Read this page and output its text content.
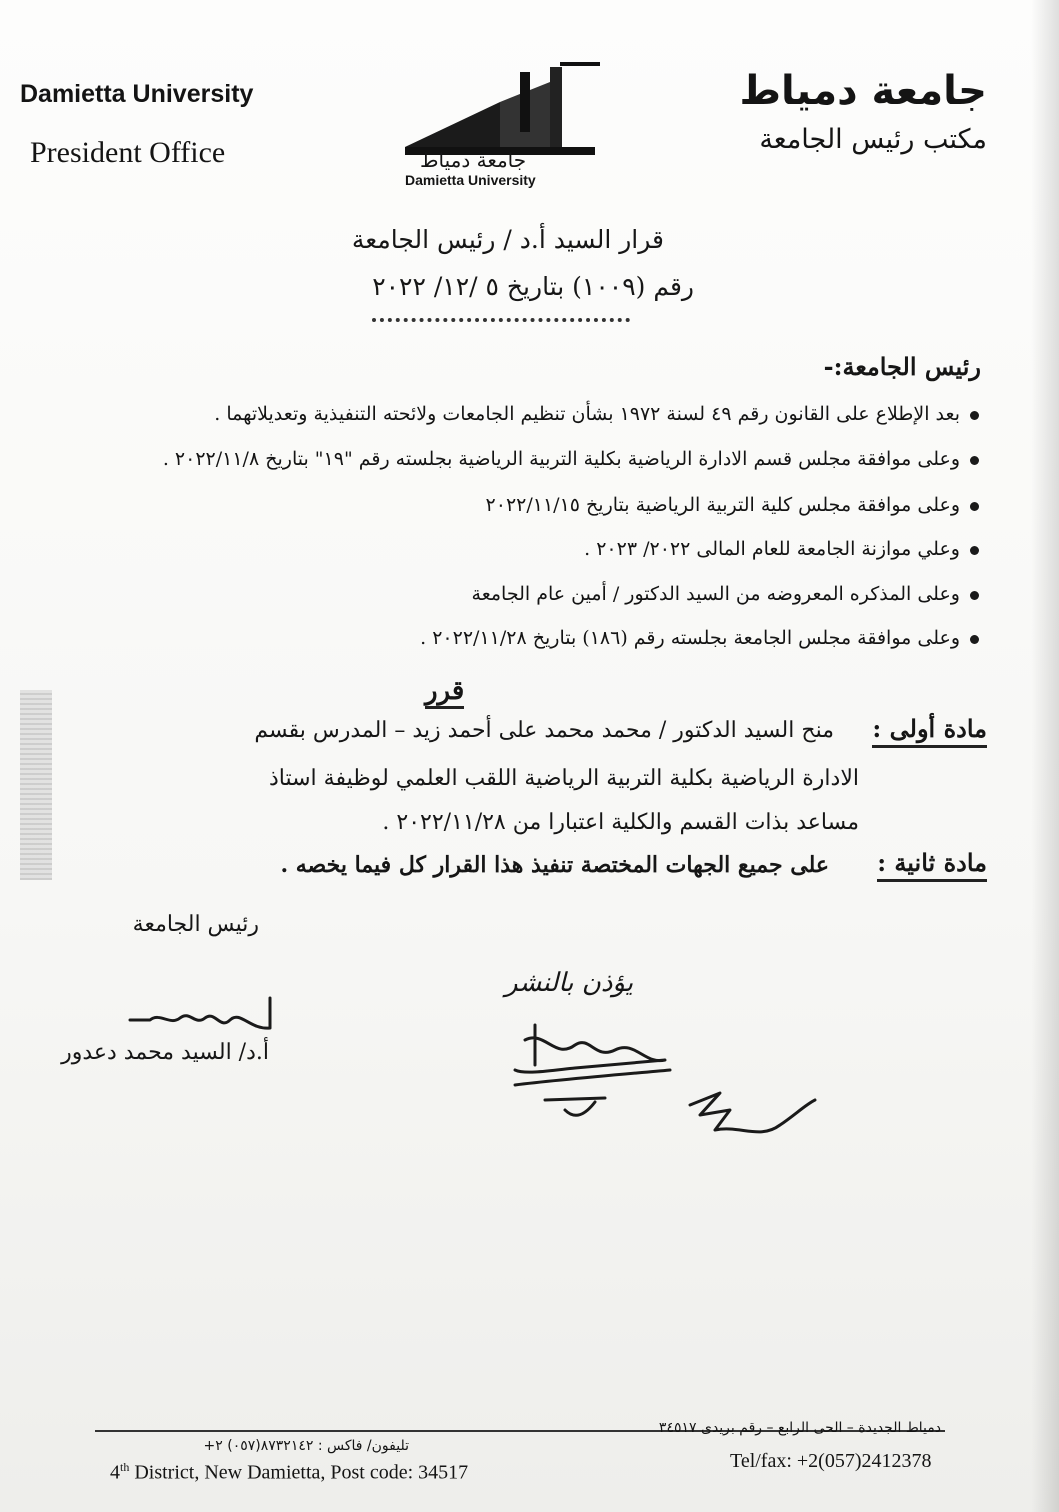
Damietta University
President Office
جامعة دمياط
مكتب رئيس الجامعة
جامعة دمياط
Damietta University
قرار السيد أ.د / رئيس الجامعة
رقم (١٠٠٩) بتاريخ ٥ /١٢/ ٢٠٢٢
رئيس الجامعة:-
بعد الإطلاع على القانون رقم ٤٩ لسنة ١٩٧٢ بشأن تنظيم الجامعات ولائحته التنفيذية وتعديلاتهما .
وعلى موافقة مجلس قسم الادارة الرياضية بكلية التربية الرياضية بجلسته رقم "١٩" بتاريخ ٢٠٢٢/١١/٨ .
وعلى موافقة مجلس كلية التربية الرياضية بتاريخ ٢٠٢٢/١١/١٥
وعلي موازنة الجامعة للعام المالى ٢٠٢٢/ ٢٠٢٣ .
وعلى المذكره المعروضه من السيد الدكتور / أمين عام الجامعة
وعلى موافقة مجلس الجامعة بجلسته رقم (١٨٦) بتاريخ ٢٠٢٢/١١/٢٨ .
قرر
مادة أولى :
منح السيد الدكتور / محمد محمد على أحمد زيد – المدرس بقسم
الادارة الرياضية بكلية التربية الرياضية اللقب العلمي لوظيفة استاذ
مساعد بذات القسم والكلية اعتبارا من ٢٠٢٢/١١/٢٨ .
مادة ثانية :
على جميع الجهات المختصة تنفيذ هذا القرار كل فيما يخصه .
رئيس الجامعة
أ.د/ السيد محمد دعدور
يؤذن بالنشر
تليفون/ فاكس : ٨٧٣٢١٤٢(٠٥٧) ٢+
دمياط الجديدة – الحى الرابع – رقم بريدى ٣٤٥١٧
4th District, New Damietta, Post code: 34517
Tel/fax: +2(057)2412378
